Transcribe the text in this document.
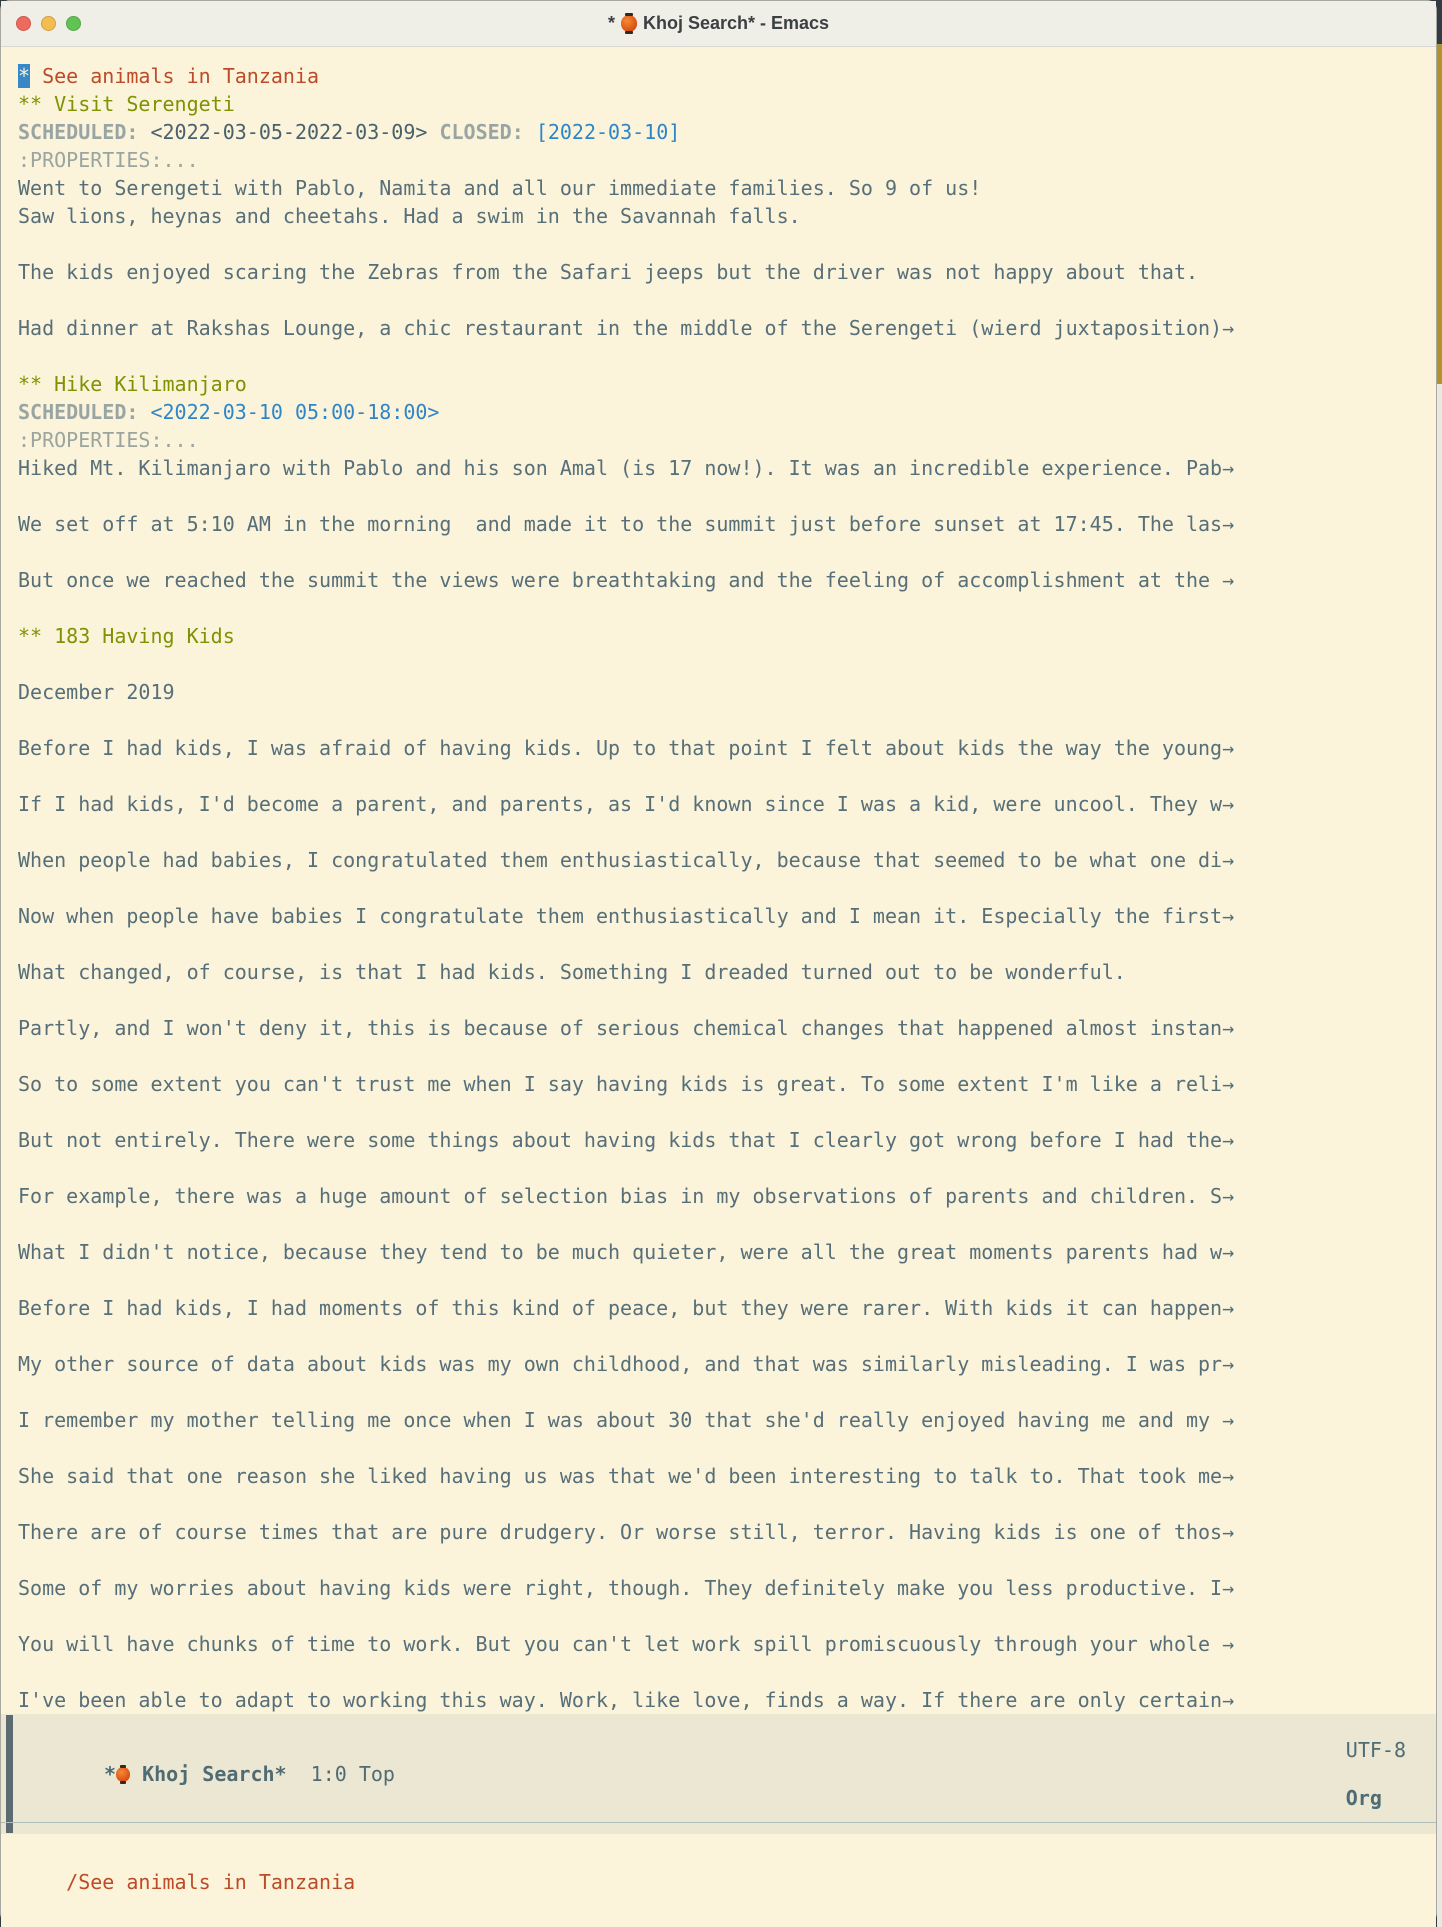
* Khoj Search* - Emacs
* See animals in Tanzania
** Visit Serengeti
SCHEDULED: <2022-03-05-2022-03-09> CLOSED: [2022-03-10]
:PROPERTIES:...
Went to Serengeti with Pablo, Namita and all our immediate families. So 9 of us!
Saw lions, heynas and cheetahs. Had a swim in the Savannah falls.
The kids enjoyed scaring the Zebras from the Safari jeeps but the driver was not happy about that.
Had dinner at Rakshas Lounge, a chic restaurant in the middle of the Serengeti (wierd juxtaposition)→
** Hike Kilimanjaro
SCHEDULED: <2022-03-10 05:00-18:00>
:PROPERTIES:...
Hiked Mt. Kilimanjaro with Pablo and his son Amal (is 17 now!). It was an incredible experience. Pab→
We set off at 5:10 AM in the morning  and made it to the summit just before sunset at 17:45. The las→
But once we reached the summit the views were breathtaking and the feeling of accomplishment at the →
** 183 Having Kids
December 2019
Before I had kids, I was afraid of having kids. Up to that point I felt about kids the way the young→
If I had kids, I'd become a parent, and parents, as I'd known since I was a kid, were uncool. They w→
When people had babies, I congratulated them enthusiastically, because that seemed to be what one di→
Now when people have babies I congratulate them enthusiastically and I mean it. Especially the first→
What changed, of course, is that I had kids. Something I dreaded turned out to be wonderful.
Partly, and I won't deny it, this is because of serious chemical changes that happened almost instan→
So to some extent you can't trust me when I say having kids is great. To some extent I'm like a reli→
But not entirely. There were some things about having kids that I clearly got wrong before I had the→
For example, there was a huge amount of selection bias in my observations of parents and children. S→
What I didn't notice, because they tend to be much quieter, were all the great moments parents had w→
Before I had kids, I had moments of this kind of peace, but they were rarer. With kids it can happen→
My other source of data about kids was my own childhood, and that was similarly misleading. I was pr→
I remember my mother telling me once when I was about 30 that she'd really enjoyed having me and my →
She said that one reason she liked having us was that we'd been interesting to talk to. That took me→
There are of course times that are pure drudgery. Or worse still, terror. Having kids is one of thos→
Some of my worries about having kids were right, though. They definitely make you less productive. I→
You will have chunks of time to work. But you can't let work spill promiscuously through your whole →
I've been able to adapt to working this way. Work, like love, finds a way. If there are only certain→
* Khoj Search* 1:0 Top

UTF-8

Org

/See animals in Tanzania
